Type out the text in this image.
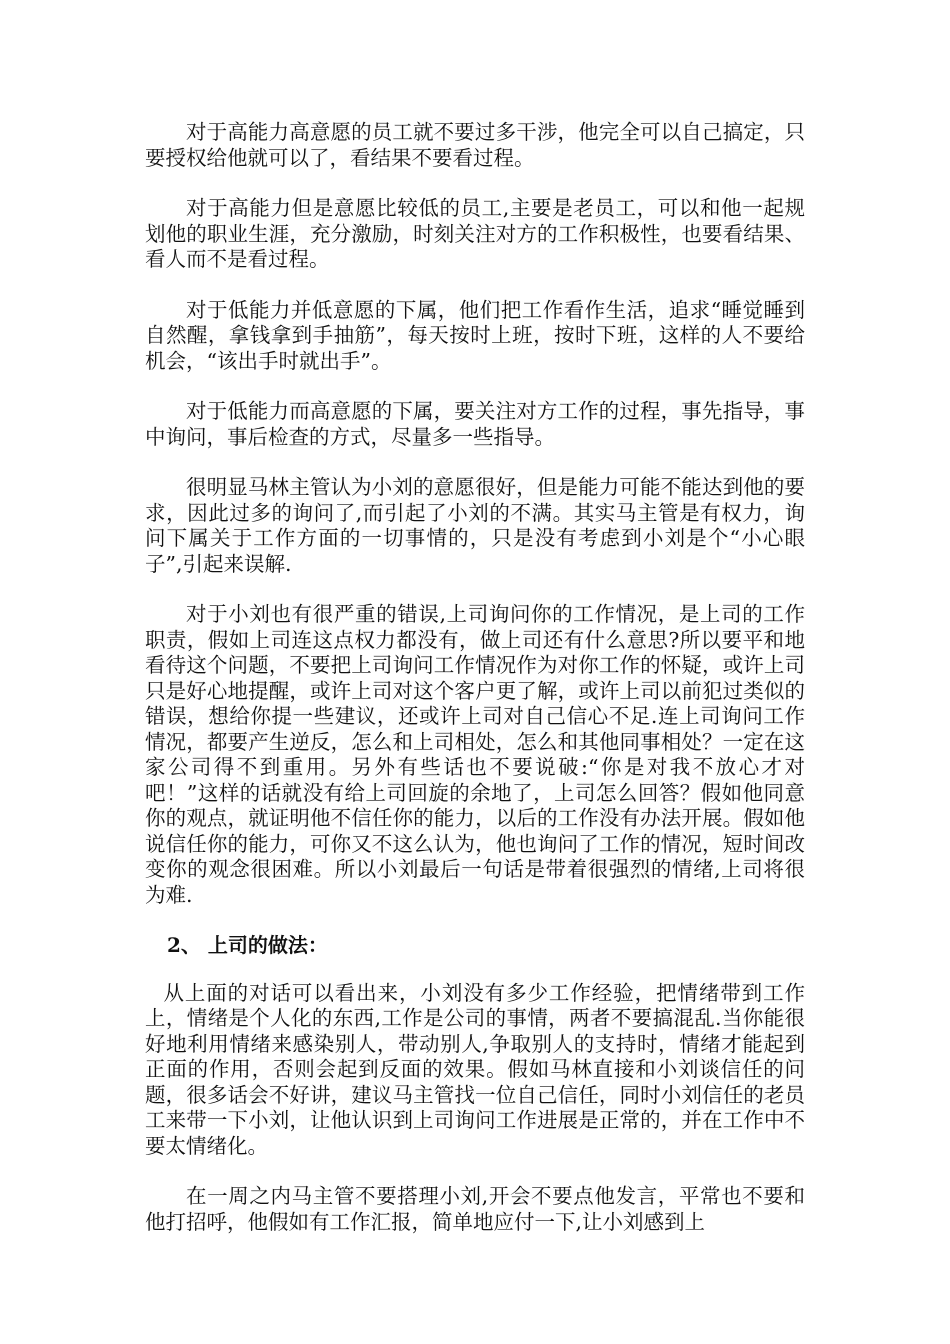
对于高能力高意愿的员工就不要过多干涉，他完全可以自己搞定，只要授权给他就可以了，看结果不要看过程。

对于高能力但是意愿比较低的员工,主要是老员工，可以和他一起规划他的职业生涯，充分激励，时刻关注对方的工作积极性，也要看结果、看人而不是看过程。

对于低能力并低意愿的下属，他们把工作看作生活，追求“睡觉睡到自然醒，拿钱拿到手抽筋”，每天按时上班，按时下班，这样的人不要给机会，“该出手时就出手”。

对于低能力而高意愿的下属，要关注对方工作的过程，事先指导，事中询问，事后检查的方式，尽量多一些指导。

很明显马林主管认为小刘的意愿很好，但是能力可能不能达到他的要求，因此过多的询问了,而引起了小刘的不满。其实马主管是有权力，询问下属关于工作方面的一切事情的，只是没有考虑到小刘是个“小心眼子”,引起来误解.

对于小刘也有很严重的错误,上司询问你的工作情况，是上司的工作职责，假如上司连这点权力都没有，做上司还有什么意思?所以要平和地看待这个问题，不要把上司询问工作情况作为对你工作的怀疑，或许上司只是好心地提醒，或许上司对这个客户更了解，或许上司以前犯过类似的错误，想给你提一些建议，还或许上司对自己信心不足.连上司询问工作情况，都要产生逆反，怎么和上司相处，怎么和其他同事相处？一定在这家公司得不到重用。另外有些话也不要说破:“你是对我不放心才对吧！”这样的话就没有给上司回旋的余地了，上司怎么回答？假如他同意你的观点，就证明他不信任你的能力，以后的工作没有办法开展。假如他说信任你的能力，可你又不这么认为，他也询问了工作的情况，短时间改变你的观念很困难。所以小刘最后一句话是带着很强烈的情绪,上司将很为难.

2、 上司的做法：

从上面的对话可以看出来，小刘没有多少工作经验，把情绪带到工作上，情绪是个人化的东西,工作是公司的事情，两者不要搞混乱.当你能很好地利用情绪来感染别人，带动别人,争取别人的支持时，情绪才能起到正面的作用，否则会起到反面的效果。假如马林直接和小刘谈信任的问题，很多话会不好讲，建议马主管找一位自己信任，同时小刘信任的老员工来带一下小刘，让他认识到上司询问工作进展是正常的，并在工作中不要太情绪化。

在一周之内马主管不要搭理小刘,开会不要点他发言，平常也不要和他打招呼，他假如有工作汇报，简单地应付一下,让小刘感到上
